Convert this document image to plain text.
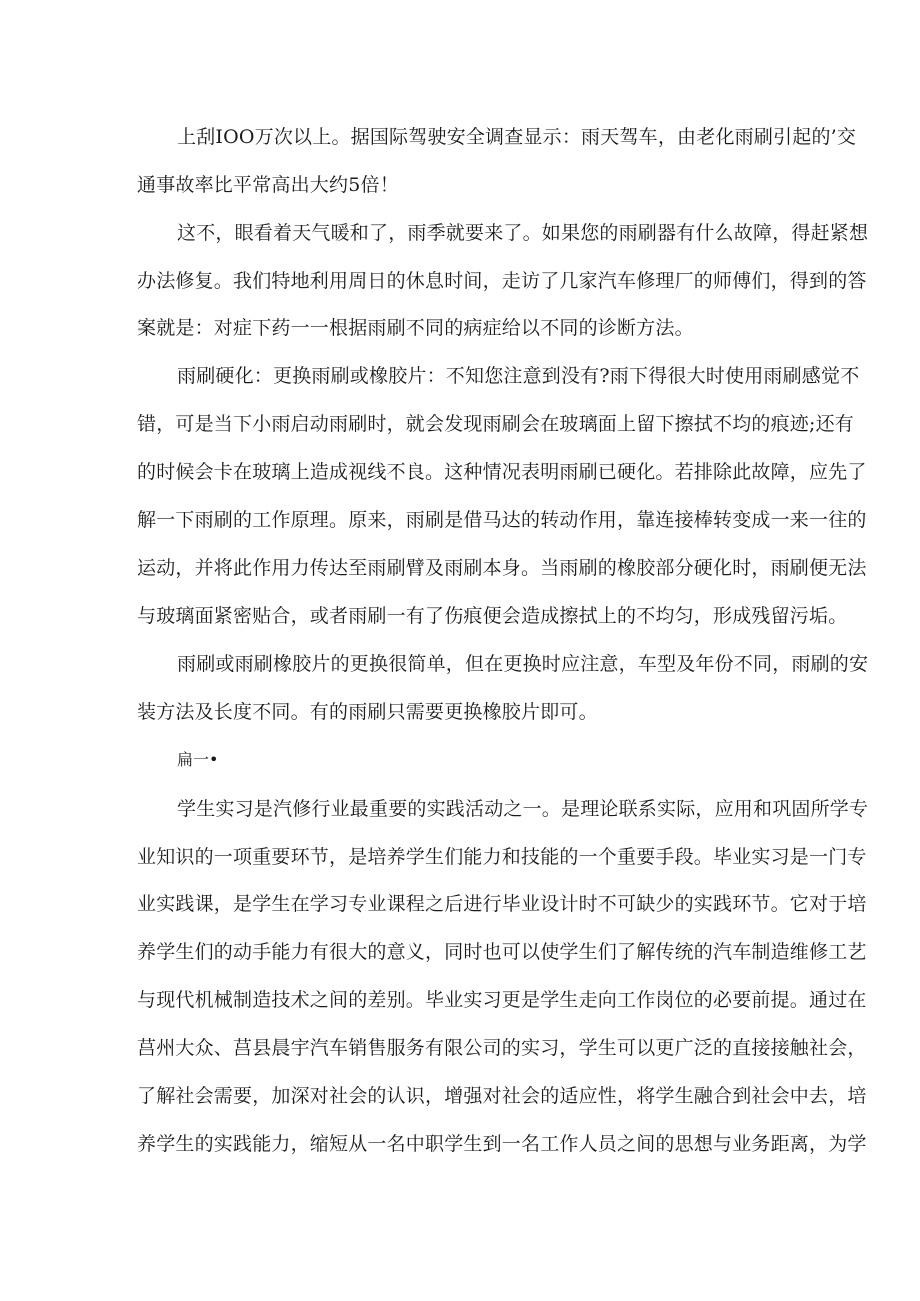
上刮IOO万次以上。据国际驾驶安全调查显示：雨天驾车，由老化雨刷引起的’交
通事故率比平常高出大约5倍！
这不，眼看着天气暖和了，雨季就要来了。如果您的雨刷器有什么故障，得赶紧想
办法修复。我们特地利用周日的休息时间，走访了几家汽车修理厂的师傅们，得到的答
案就是：对症下药一一根据雨刷不同的病症给以不同的诊断方法。
雨刷硬化：更换雨刷或橡胶片：不知您注意到没有?雨下得很大时使用雨刷感觉不
错，可是当下小雨启动雨刷时，就会发现雨刷会在玻璃面上留下擦拭不均的痕迹;还有
的时候会卡在玻璃上造成视线不良。这种情况表明雨刷已硬化。若排除此故障，应先了
解一下雨刷的工作原理。原来，雨刷是借马达的转动作用，靠连接棒转变成一来一往的
运动，并将此作用力传达至雨刷臂及雨刷本身。当雨刷的橡胶部分硬化时，雨刷便无法
与玻璃面紧密贴合，或者雨刷一有了伤痕便会造成擦拭上的不均匀，形成残留污垢。
雨刷或雨刷橡胶片的更换很简单，但在更换时应注意，车型及年份不同，雨刷的安
装方法及长度不同。有的雨刷只需要更换橡胶片即可。
扁一•
学生实习是汽修行业最重要的实践活动之一。是理论联系实际，应用和巩固所学专
业知识的一项重要环节，是培养学生们能力和技能的一个重要手段。毕业实习是一门专
业实践课，是学生在学习专业课程之后进行毕业设计时不可缺少的实践环节。它对于培
养学生们的动手能力有很大的意义，同时也可以使学生们了解传统的汽车制造维修工艺
与现代机械制造技术之间的差别。毕业实习更是学生走向工作岗位的必要前提。通过在
莒州大众、莒县晨宇汽车销售服务有限公司的实习，学生可以更广泛的直接接触社会，
了解社会需要，加深对社会的认识，增强对社会的适应性，将学生融合到社会中去，培
养学生的实践能力，缩短从一名中职学生到一名工作人员之间的思想与业务距离，为学
